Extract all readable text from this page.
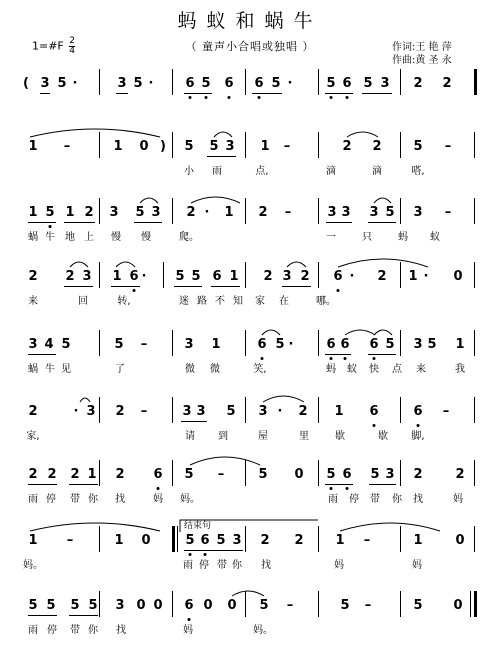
蚂蚁和蜗牛
（ 童声小合唱或独唱 ）
1=#F $\frac{2}{4}$	作词:王 艳 萍
作曲:黄 圣 永
( 3 5 ·	3 5 · 6 5 6 6 5 ·	5 6 5 3 2 2
1 –	1 0 ) 5 5 3 1 –	2 2 5 –
小 雨	点,	滴	滴	嗒,
1 5 1 2 3 5 3 2 · 1 2 –	3 3 3 5 3 –
蜗 牛 地 上 慢 慢	爬。	一	只	蚂 蚁
2 2 3 1 6 · 5 5 6 1 2 3 2 6 · 2 1 · 0
来	回	转,	迷 路 不 知 家 在	哪。
3 4 5	5 –	3 1	6 5 ·	6 6 6 5 3 5 1
蜗 牛 见	了	微 微	笑,	蚂 蚁 快 点 来	我
2	· 3 2 –	3 3 5 3 · 2 1 6	6 –
家,	请 到	屋	里	歇	歇 脚,
2 2 2 1 2 6 5 –	5 0 5 6 5 3 2	2
雨 停 带 你 找	妈 妈。	雨 停 带 你 找	妈
1 –	1 0	5 6 5 3 2 2 1 –	1	0
妈。	雨 停 带 你 找	妈	妈
结束句
5 5 5 5 3 0 0 6 0 0 5 –	5 –	5 0
雨 停 带 你 找	妈	妈。
